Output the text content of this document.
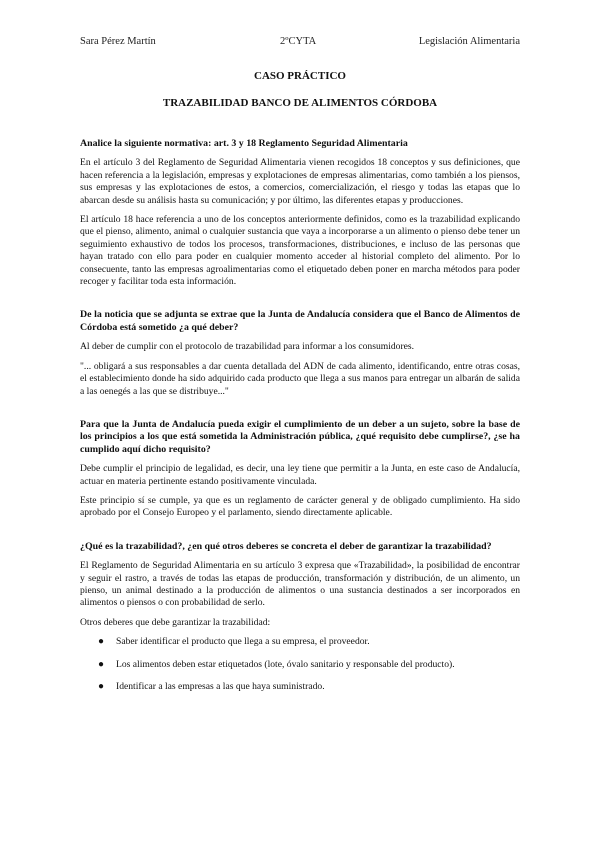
Sara Pérez Martín	2ºCYTA	Legislación Alimentaria
CASO PRÁCTICO
TRAZABILIDAD BANCO DE ALIMENTOS CÓRDOBA

Analice la siguiente normativa: art. 3 y 18 Reglamento Seguridad Alimentaria

En el artículo 3 del Reglamento de Seguridad Alimentaria vienen recogidos 18 conceptos y sus definiciones, que hacen referencia a la legislación, empresas y explotaciones de empresas alimentarias, como también a los piensos, sus empresas y las explotaciones de estos, a comercios, comercialización, el riesgo y todas las etapas que lo abarcan desde su análisis hasta su comunicación; y por último, las diferentes etapas y producciones.

El artículo 18 hace referencia a uno de los conceptos anteriormente definidos, como es la trazabilidad explicando que el pienso, alimento, animal o cualquier sustancia que vaya a incorporarse a un alimento o pienso debe tener un seguimiento exhaustivo de todos los procesos, transformaciones, distribuciones, e incluso de las personas que hayan tratado con ello para poder en cualquier momento acceder al historial completo del alimento. Por lo consecuente, tanto las empresas agroalimentarias como el etiquetado deben poner en marcha métodos para poder recoger y facilitar toda esta información.

De la noticia que se adjunta se extrae que la Junta de Andalucía considera que el Banco de Alimentos de Córdoba está sometido ¿a qué deber?

Al deber de cumplir con el protocolo de trazabilidad para informar a los consumidores.

"... obligará a sus responsables a dar cuenta detallada del ADN de cada alimento, identificando, entre otras cosas, el establecimiento donde ha sido adquirido cada producto que llega a sus manos para entregar un albarán de salida a las oenegés a las que se distribuye..."

Para que la Junta de Andalucía pueda exigir el cumplimiento de un deber a un sujeto, sobre la base de los principios a los que está sometida la Administración pública, ¿qué requisito debe cumplirse?, ¿se ha cumplido aquí dicho requisito?

Debe cumplir el principio de legalidad, es decir, una ley tiene que permitir a la Junta, en este caso de Andalucía, actuar en materia pertinente estando positivamente vinculada.

Este principio sí se cumple, ya que es un reglamento de carácter general y de obligado cumplimiento. Ha sido aprobado por el Consejo Europeo y el parlamento, siendo directamente aplicable.

¿Qué es la trazabilidad?, ¿en qué otros deberes se concreta el deber de garantizar la trazabilidad?

El Reglamento de Seguridad Alimentaria en su artículo 3 expresa que «Trazabilidad», la posibilidad de encontrar y seguir el rastro, a través de todas las etapas de producción, transformación y distribución, de un alimento, un pienso, un animal destinado a la producción de alimentos o una sustancia destinados a ser incorporados en alimentos o piensos o con probabilidad de serlo.

Otros deberes que debe garantizar la trazabilidad:

● Saber identificar el producto que llega a su empresa, el proveedor.
● Los alimentos deben estar etiquetados (lote, óvalo sanitario y responsable del producto).
● Identificar a las empresas a las que haya suministrado.
